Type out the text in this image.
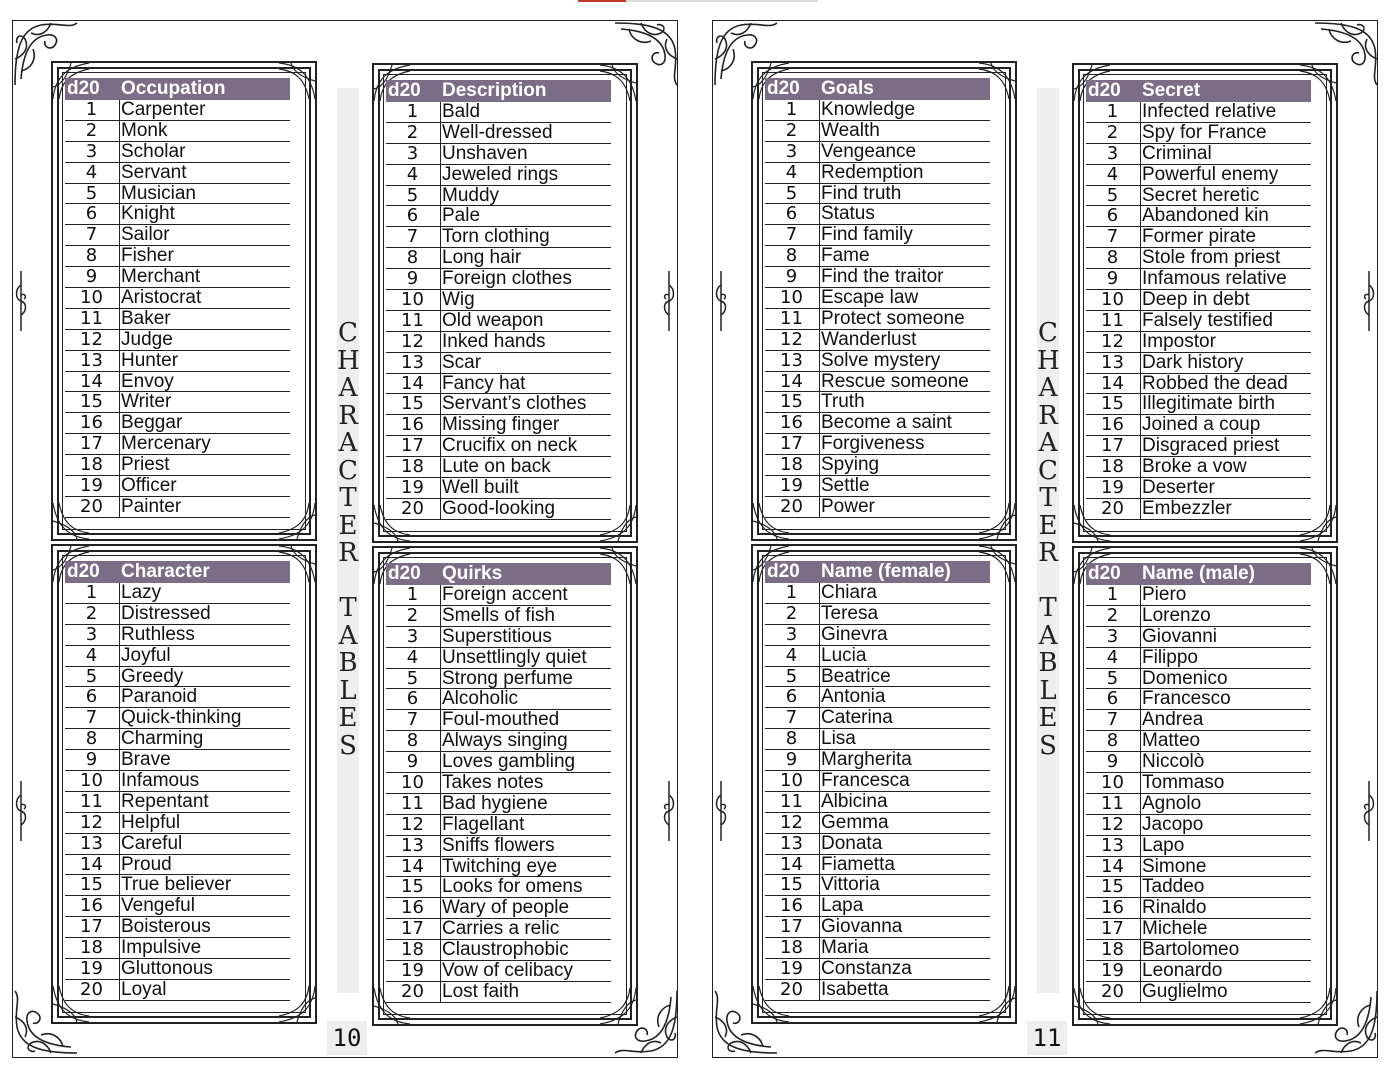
C
H
A
R
A
C
T
E
R
T
A
B
L
E
S
10
d20	Occupation
1	Carpenter
2	Monk
3	Scholar
4	Servant
5	Musician
6	Knight
7	Sailor
8	Fisher
9	Merchant
10 Aristocrat
11 Baker
12 Judge
13 Hunter
14 Envoy
15 Writer
16 Beggar
17 Mercenary
18 Priest
19 Officer
20 Painter
d20	Description
1	Bald
2	Well-dressed
3	Unshaven
4	Jeweled rings
5	Muddy
6	Pale
7	Torn clothing
8	Long hair
9	Foreign clothes
10 Wig
11 Old weapon
12 Inked hands
13 Scar
14 Fancy hat
15 Servant’s clothes
16 Missing finger
17 Crucifix on neck
18 Lute on back
19 Well built
20 Good-looking
d20	Character
1	Lazy
2	Distressed
3	Ruthless
4	Joyful
5	Greedy
6	Paranoid
7	Quick-thinking
8	Charming
9	Brave
10 Infamous
11 Repentant
12 Helpful
13 Careful
14 Proud
15 True believer
16 Vengeful
17 Boisterous
18 Impulsive
19 Gluttonous
20 Loyal
d20	Quirks
1	Foreign accent
2	Smells of fish
3	Superstitious
4	Unsettlingly quiet
5	Strong perfume
6	Alcoholic
7	Foul-mouthed
8	Always singing
9	Loves gambling
10 Takes notes
11 Bad hygiene
12 Flagellant
13 Sniffs flowers
14 Twitching eye
15 Looks for omens
16 Wary of people
17 Carries a relic
18 Claustrophobic
19 Vow of celibacy
20 Lost faith
C
H
A
R
A
C
T
E
R
T
A
B
L
E
S
11
d20	Goals
1	Knowledge
2	Wealth
3	Vengeance
4	Redemption
5	Find truth
6	Status
7	Find family
8	Fame
9	Find the traitor
10 Escape law
11 Protect someone
12 Wanderlust
13 Solve mystery
14 Rescue someone
15 Truth
16 Become a saint
17 Forgiveness
18 Spying
19 Settle
20 Power
d20	Secret
1	Infected relative
2	Spy for France
3	Criminal
4	Powerful enemy
5	Secret heretic
6	Abandoned kin
7	Former pirate
8	Stole from priest
9	Infamous relative
10 Deep in debt
11 Falsely testified
12 Impostor
13 Dark history
14 Robbed the dead
15 Illegitimate birth
16 Joined a coup
17 Disgraced priest
18 Broke a vow
19 Deserter
20 Embezzler
d20	Name (female)
1	Chiara
2	Teresa
3	Ginevra
4	Lucia
5	Beatrice
6	Antonia
7	Caterina
8	Lisa
9	Margherita
10 Francesca
11 Albicina
12 Gemma
13 Donata
14 Fiametta
15 Vittoria
16 Lapa
17 Giovanna
18 Maria
19 Constanza
20 Isabetta
d20	Name (male)
1	Piero
2	Lorenzo
3	Giovanni
4	Filippo
5	Domenico
6	Francesco
7	Andrea
8	Matteo
9	Niccolò
10 Tommaso
11 Agnolo
12 Jacopo
13 Lapo
14 Simone
15 Taddeo
16 Rinaldo
17 Michele
18 Bartolomeo
19 Leonardo
20 Guglielmo
